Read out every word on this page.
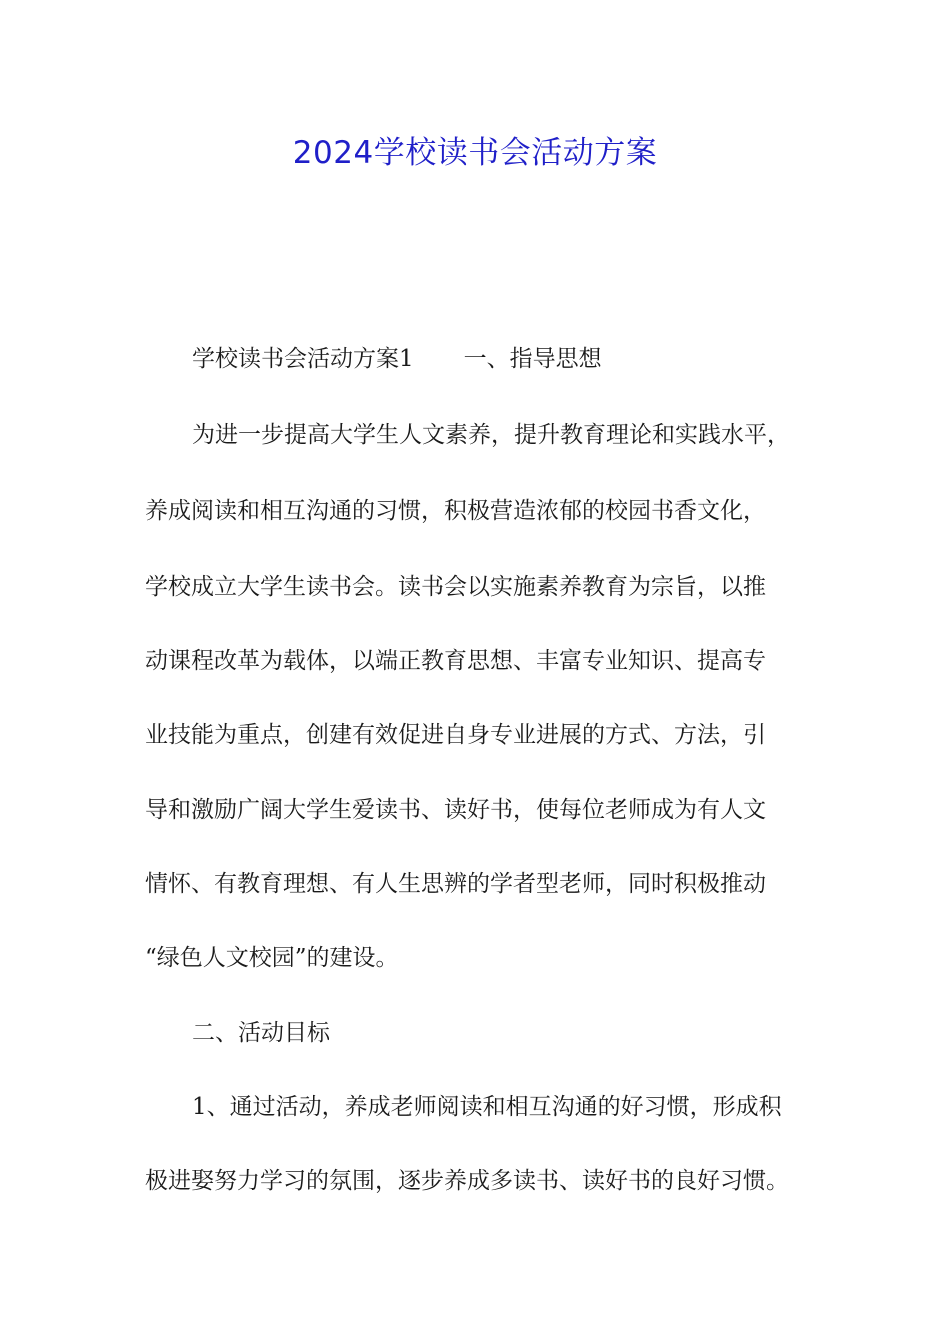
2024学校读书会活动方案
学校读书会活动方案1 一、指导思想
为进一步提高大学生人文素养，提升教育理论和实践水平，
养成阅读和相互沟通的习惯，积极营造浓郁的校园书香文化，
学校成立大学生读书会。读书会以实施素养教育为宗旨，以推
动课程改革为载体，以端正教育思想、丰富专业知识、提高专
业技能为重点，创建有效促进自身专业进展的方式、方法，引
导和激励广阔大学生爱读书、读好书，使每位老师成为有人文
情怀、有教育理想、有人生思辨的学者型老师，同时积极推动
“绿色人文校园”的建设。
二、活动目标
1、通过活动，养成老师阅读和相互沟通的好习惯，形成积
极进娶努力学习的氛围，逐步养成多读书、读好书的良好习惯。
